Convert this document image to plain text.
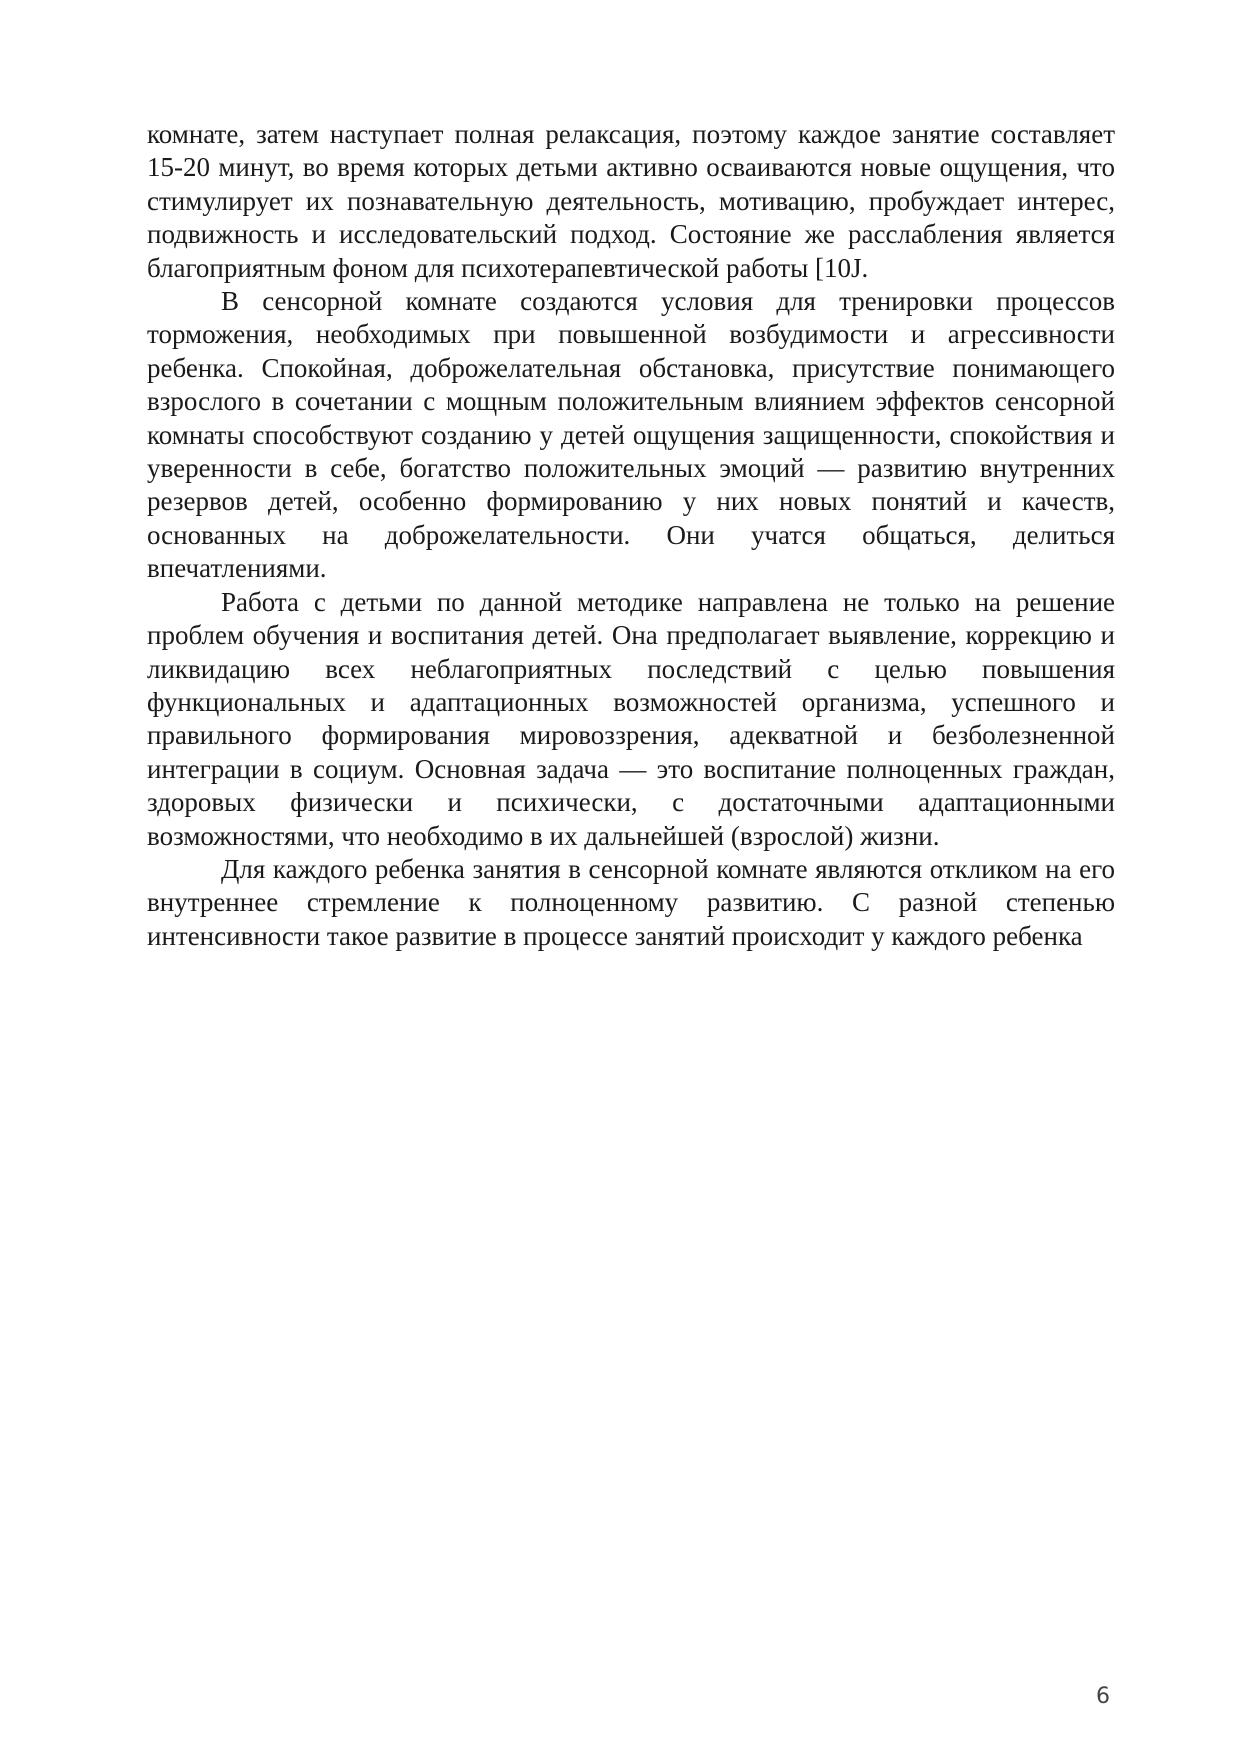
комнате, затем наступает полная релаксация, поэтому каждое занятие составляет 15-20 минут, во время которых детьми активно осваиваются новые ощущения, что стимулирует их познавательную деятельность, мотивацию, пробуждает интерес, подвижность и исследовательский подход. Состояние же расслабления является благоприятным фоном для психотерапевтической работы [10J.

В сенсорной комнате создаются условия для тренировки процессов торможения, необходимых при повышенной возбудимости и агрессивности ребенка. Спокойная, доброжелательная обстановка, присутствие понимающего взрослого в сочетании с мощным положительным влиянием эффектов сенсорной комнаты способствуют созданию у детей ощущения защищенности, спокойствия и уверенности в себе, богатство положительных эмоций — развитию внутренних резервов детей, особенно формированию у них новых понятий и качеств, основанных на доброжелательности. Они учатся общаться, делиться впечатлениями.

Работа с детьми по данной методике направлена не только на решение проблем обучения и воспитания детей. Она предполагает выявление, коррекцию и ликвидацию всех неблагоприятных последствий с целью повышения функциональных и адаптационных возможностей организма, успешного и правильного формирования мировоззрения, адекватной и безболезненной интеграции в социум. Основная задача — это воспитание полноценных граждан, здоровых физически и психически, с достаточными адаптационными возможностями, что необходимо в их дальнейшей (взрослой) жизни.

Для каждого ребенка занятия в сенсорной комнате являются откликом на его внутреннее стремление к полноценному развитию. С разной степенью интенсивности такое развитие в процессе занятий происходит у каждого ребенка

6
